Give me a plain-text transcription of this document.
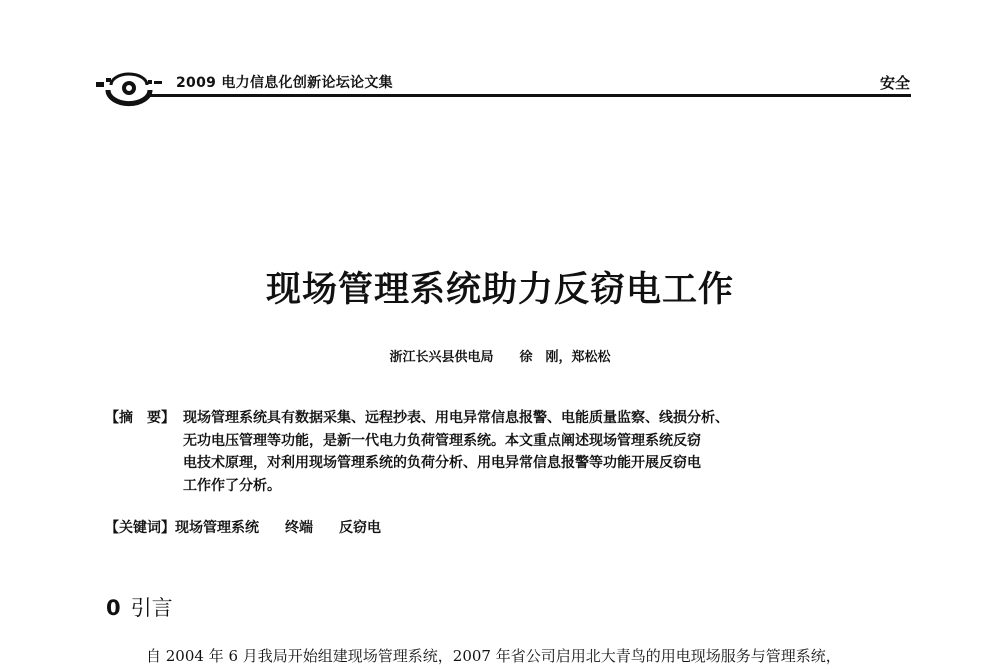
2009 电力信息化创新论坛论文集	安全
现场管理系统助力反窃电工作
浙江长兴县供电局 徐　刚，郑松松
【摘　要】 现场管理系统具有数据采集、远程抄表、用电异常信息报警、电能质量监察、线损分析、
无功电压管理等功能，是新一代电力负荷管理系统。本文重点阐述现场管理系统反窃
电技术原理，对利用现场管理系统的负荷分析、用电异常信息报警等功能开展反窃电
工作作了分析。
【关键词】现场管理系统 终端 反窃电
0 引言
自 2004 年 6 月我局开始组建现场管理系统，2007 年省公司启用北大青鸟的用电现场服务与管理系统，
